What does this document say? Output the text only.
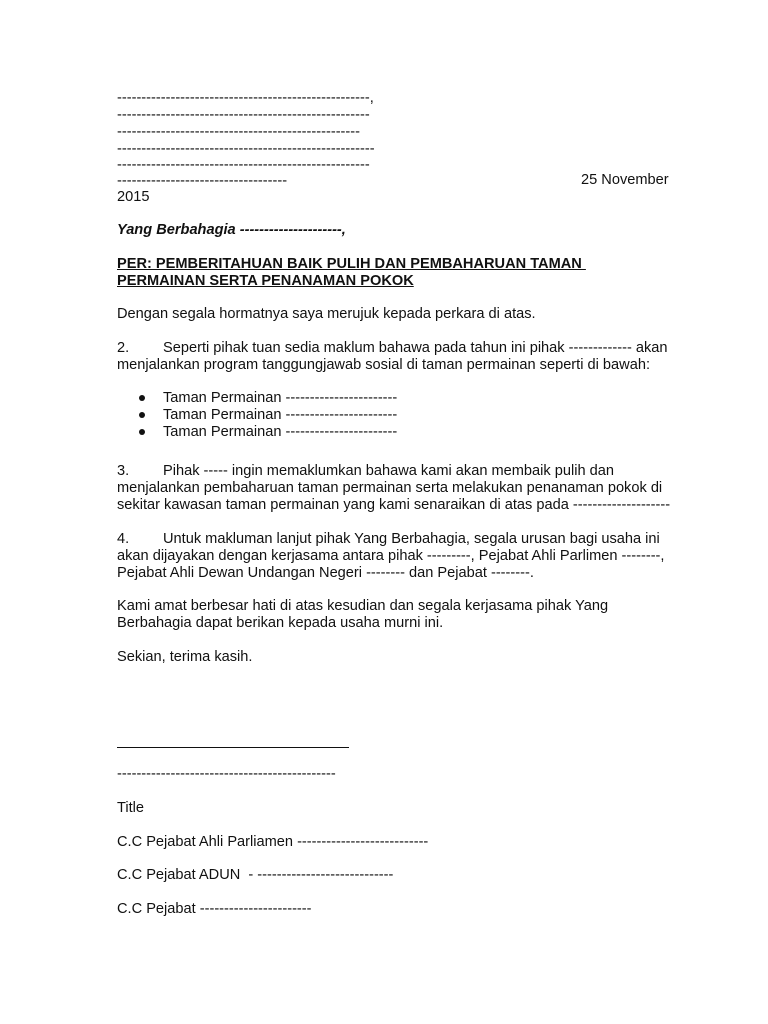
----------------------------------------------------,
----------------------------------------------------
--------------------------------------------------
-----------------------------------------------------
----------------------------------------------------
-----------------------------------	25 November
2015
Yang Berbahagia ---------------------,
PER: PEMBERITAHUAN BAIK PULIH DAN PEMBAHARUAN TAMAN
PERMAINAN SERTA PENANAMAN POKOK
Dengan segala hormatnya saya merujuk kepada perkara di atas.
2. Seperti pihak tuan sedia maklum bahawa pada tahun ini pihak ------------- akan
menjalankan program tanggungjawab sosial di taman permainan seperti di bawah:
Taman Permainan -----------------------
Taman Permainan -----------------------
Taman Permainan -----------------------
3. Pihak ----- ingin memaklumkan bahawa kami akan membaik pulih dan
menjalankan pembaharuan taman permainan serta melakukan penanaman pokok di
sekitar kawasan taman permainan yang kami senaraikan di atas pada --------------------
4. Untuk makluman lanjut pihak Yang Berbahagia, segala urusan bagi usaha ini
akan dijayakan dengan kerjasama antara pihak ---------, Pejabat Ahli Parlimen --------,
Pejabat Ahli Dewan Undangan Negeri -------- dan Pejabat --------.
Kami amat berbesar hati di atas kesudian dan segala kerjasama pihak Yang
Berbahagia dapat berikan kepada usaha murni ini.
Sekian, terima kasih.
---------------------------------------------
Title
C.C Pejabat Ahli Parliamen ---------------------------
C.C Pejabat ADUN  - ----------------------------
C.C Pejabat -----------------------
